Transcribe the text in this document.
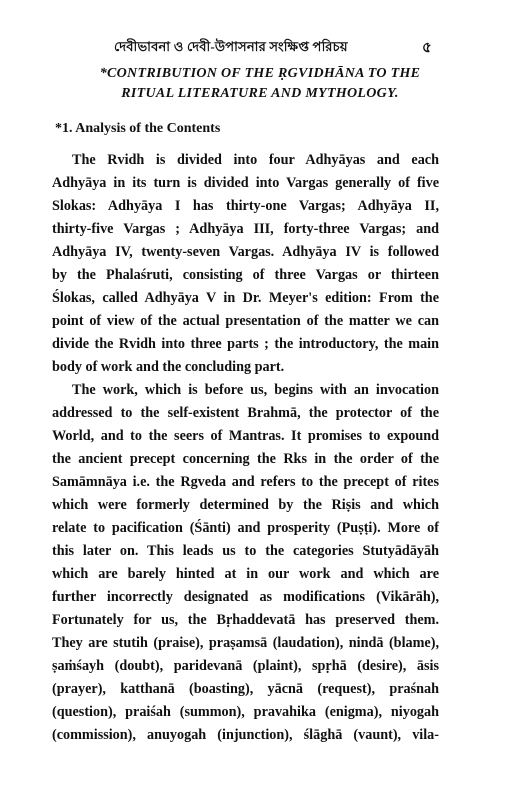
দেবীভাবনা ও দেবী-উপাসনার সংক্ষিপ্ত পরিচয়	৫
*CONTRIBUTION OF THE ṚGVIDHĀNA TO THE
RITUAL LITERATURE AND MYTHOLOGY.
*1. Analysis of the Contents
The Rvidh is divided into four Adhyāyas and each
Adhyāya in its turn is divided into Vargas generally of five
Slokas: Adhyāya I has thirty-one Vargas; Adhyāya II,
thirty-five Vargas ; Adhyāya III, forty-three Vargas; and
Adhyāya IV, twenty-seven Vargas. Adhyāya IV is followed
by the Phalaśruti, consisting of three Vargas or thirteen
Ślokas, called Adhyāya V in Dr. Meyer's edition: From the
point of view of the actual presentation of the matter we can
divide the Rvidh into three parts ; the introductory, the main
body of work and the concluding part.
The work, which is before us, begins with an invocation
addressed to the self-existent Brahmā, the protector of the
World, and to the seers of Mantras. It promises to expound
the ancient precept concerning the Rks in the order of the
Samāmnāya i.e. the Rgveda and refers to the precept of rites
which were formerly determined by the Riṣis and which
relate to pacification (Śānti) and prosperity (Puṣṭi). More of
this later on. This leads us to the categories Stutyādāyāh
which are barely hinted at in our work and which are
further incorrectly designated as modifications (Vikārāh),
Fortunately for us, the Bṛhaddevatā has preserved them.
They are stutih (praise), praṣamsā (laudation), nindā (blame),
ṣaṁśayh (doubt), paridevanā (plaint), spṛhā (desire), āsis
(prayer), katthanā (boasting), yācnā (request), praśnah
(question), praiśah (summon), pravahika (enigma), niyogah
(commission), anuyogah (injunction), ślāghā (vaunt), vila-
